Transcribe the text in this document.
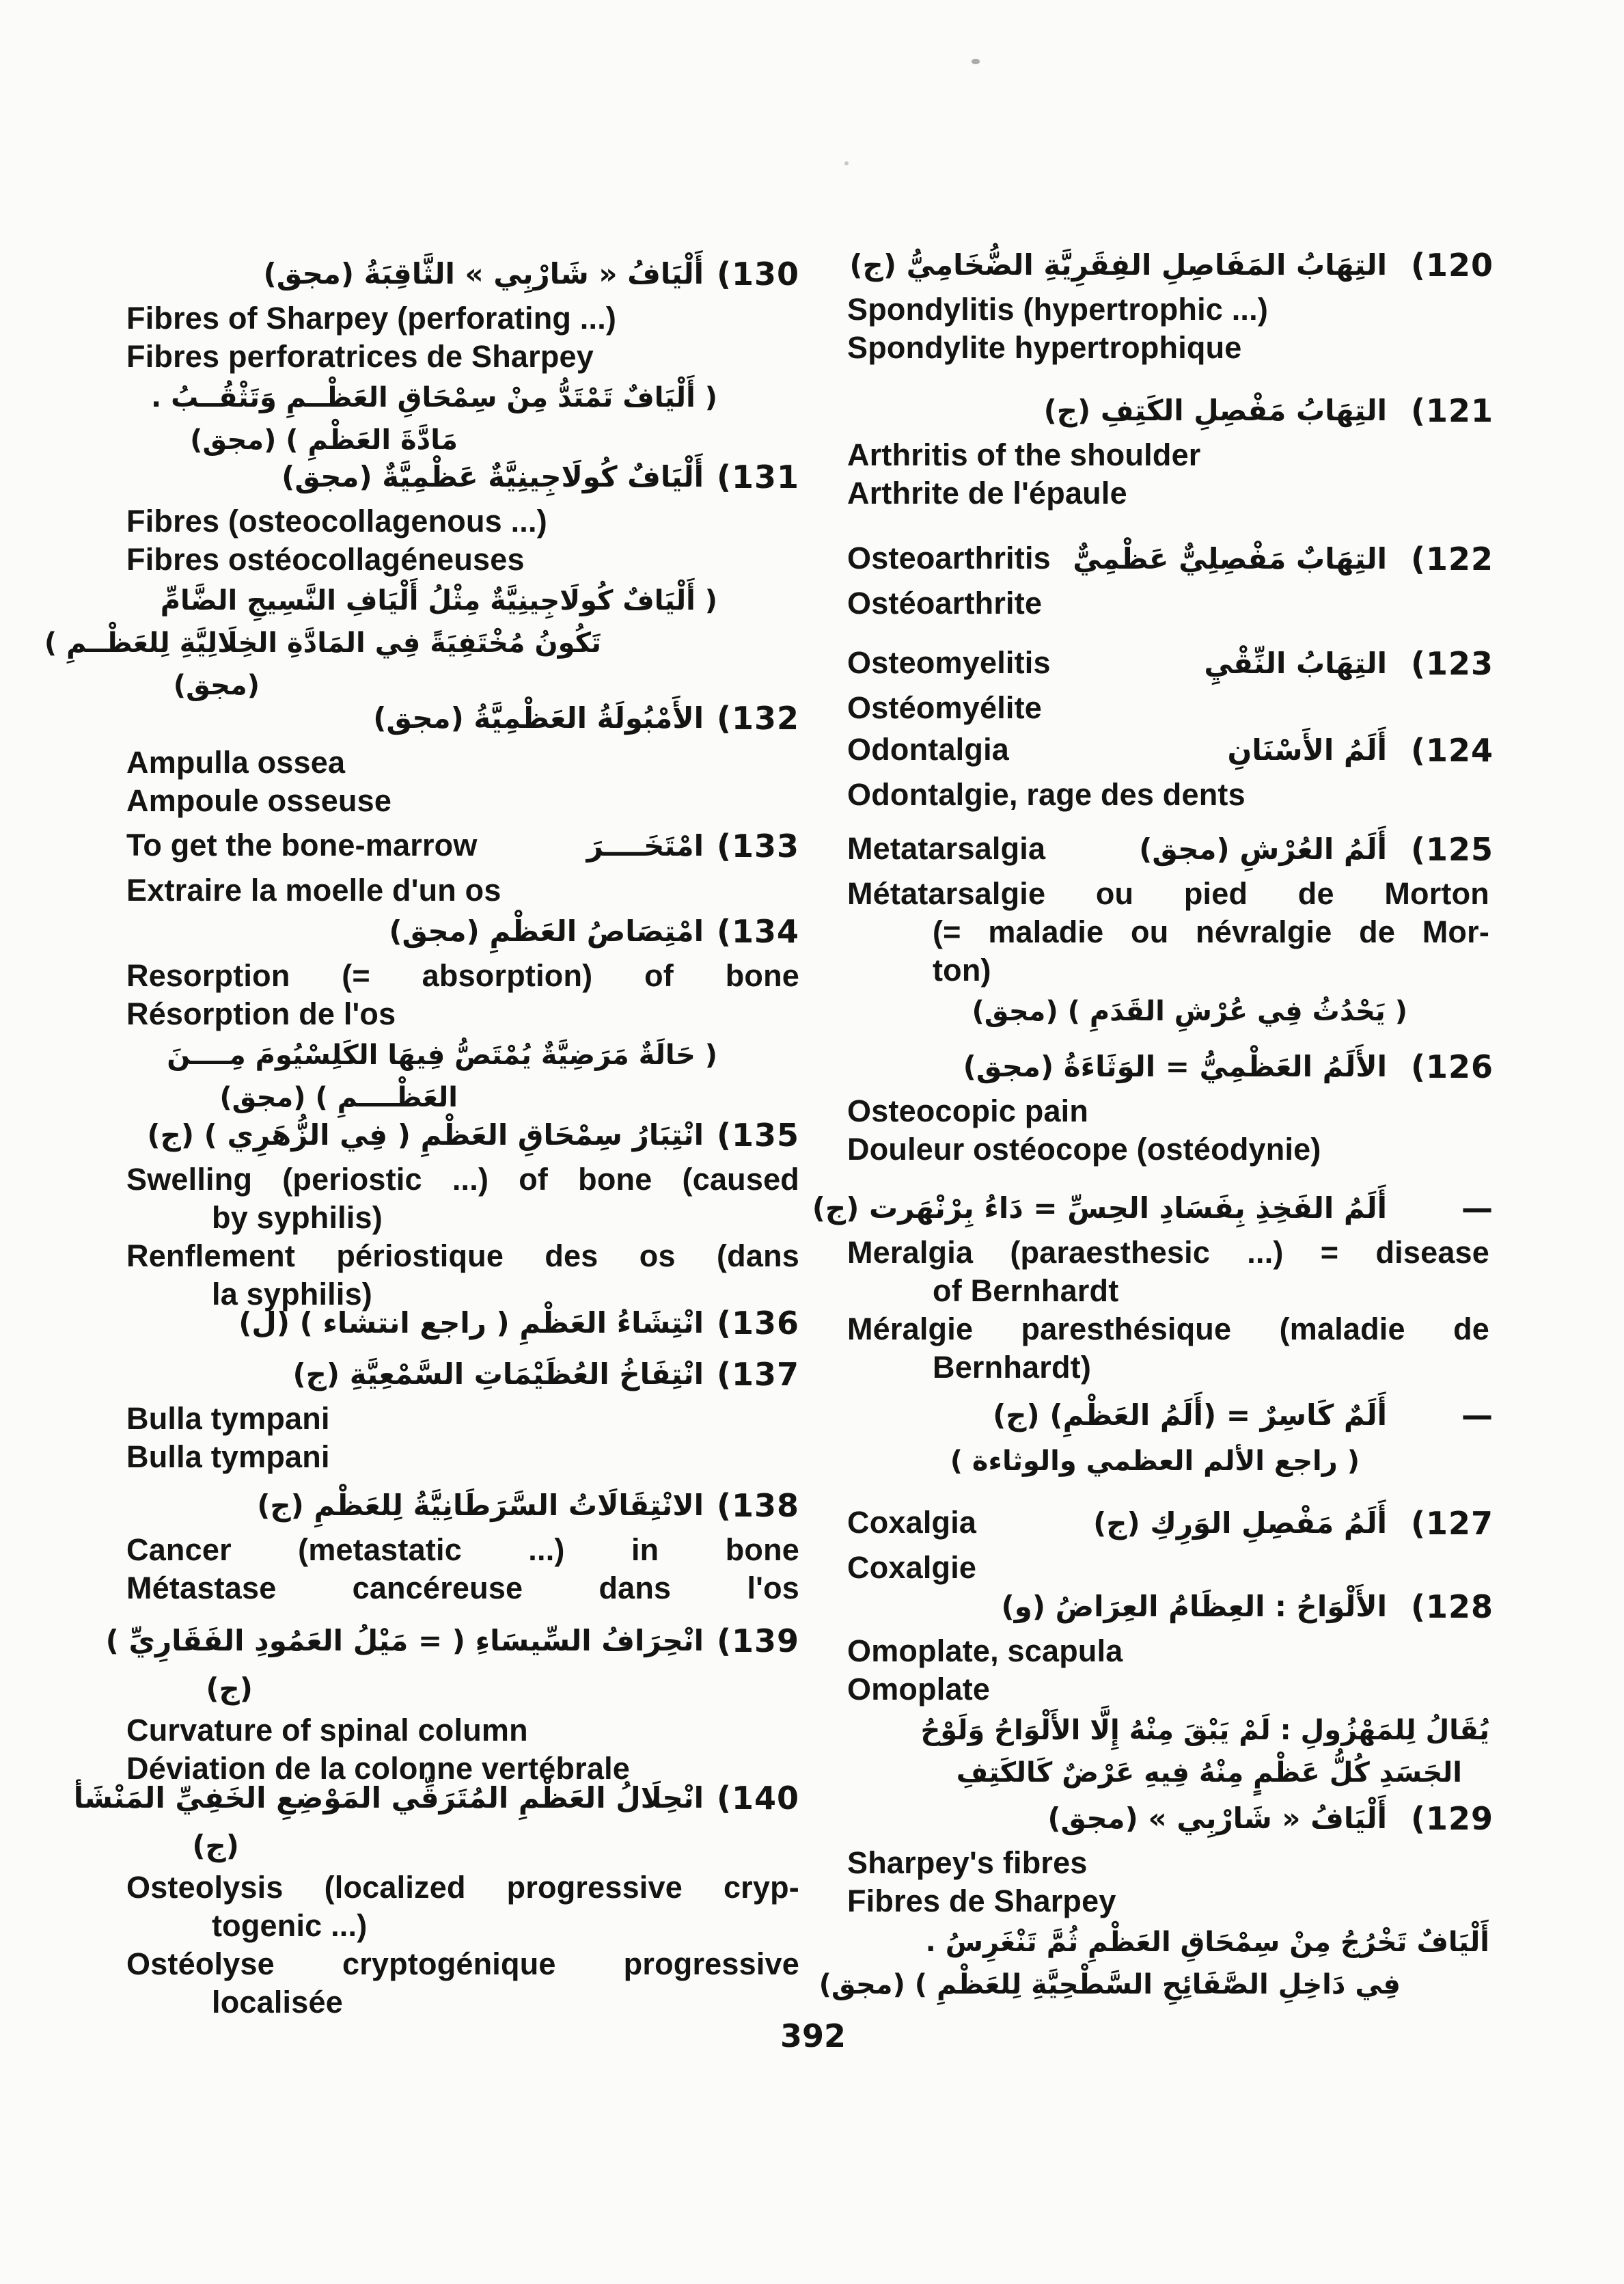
(120
التِهَابُ المَفَاصِلِ الفِقَرِيَّةِ الضُّخَامِيُّ (ج)
Spondylitis (hypertrophic ...)
Spondylite hypertrophique
(121
التِهَابُ مَفْصِلِ الكَتِفِ (ج)
Arthritis of the shoulder
Arthrite de l'épaule
(122
Osteoarthritis التِهَابٌ مَفْصِلِيٌّ عَظْمِيٌّ
Ostéoarthrite
(123
Osteomyelitis	التِهَابُ النِّقْيِ
Ostéomyélite
(124
Odontalgia	أَلَمُ الأَسْنَانِ
Odontalgie, rage des dents
(125
Metatarsalgia	أَلَمُ العُرْشِ (مجق)
Métatarsalgie ou pied de Morton
(= maladie ou névralgie de Mor-
ton)
( يَحْدُثُ فِي عُرْشِ القَدَمِ ) (مجق)
(126
الأَلَمُ العَظْمِيُّ = الوَثَاءَةُ (مجق)
Osteocopic pain
Douleur ostéocope (ostéodynie)
—
أَلَمُ الفَخِذِ بِفَسَادِ الحِسِّ = دَاءُ بِرْنْهَرت (ج)
Meralgia (paraesthesic ...) = disease
of Bernhardt
Méralgie paresthésique (maladie de
Bernhardt)
—
أَلَمٌ كَاسِرٌ = (أَلَمُ العَظْمِ) (ج)
( راجع الألم العظمي والوثاءة )
(127
Coxalgia	أَلَمُ مَفْصِلِ الوَرِكِ (ج)
Coxalgie
(128
الأَلْوَاحُ : العِظَامُ العِرَاضُ (و)
Omoplate, scapula
Omoplate
يُقَالُ لِلمَهْزُولِ : لَمْ يَبْقَ مِنْهُ إِلَّا الأَلْوَاحُ وَلَوْحُ
الجَسَدِ كُلُّ عَظْمٍ مِنْهُ فِيهِ عَرْضٌ كَالكَتِفِ
(129
أَلْيَافُ « شَارْبِي » (مجق)
Sharpey's fibres
Fibres de Sharpey
أَلْيَافٌ تَخْرُجُ مِنْ سِمْحَاقِ العَظْمِ ثُمَّ تَنْغَرِسُ .
فِي دَاخِلِ الصَّفَائِحِ السَّطْحِيَّةِ لِلعَظْمِ ) (مجق)
(130
أَلْيَافُ « شَارْبِي » الثَّاقِبَةُ (مجق)
Fibres of Sharpey (perforating ...)
Fibres perforatrices de Sharpey
( أَلْيَافٌ تَمْتَدُّ مِنْ سِمْحَاقِ العَظْــمِ وَتَثْقُــبُ .
مَادَّةَ العَظْمِ ) (مجق)
(131
أَلْيَافٌ كُولَاجِينِيَّةٌ عَظْمِيَّةٌ (مجق)
Fibres (osteocollagenous ...)
Fibres ostéocollagéneuses
( أَلْيَافٌ كُولَاجِينِيَّةٌ مِثْلُ أَلْيَافِ النَّسِيجِ الضَّامِّ
تَكُونُ مُخْتَفِيَةً فِي المَادَّةِ الخِلَالِيَّةِ لِلعَظْــمِ )
(مجق)
(132
الأَمْبُولَةُ العَظْمِيَّةُ (مجق)
Ampulla ossea
Ampoule osseuse
(133
To get the bone-marrow	امْتَخَــــرَ
Extraire la moelle d'un os
(134
امْتِصَاصُ العَظْمِ (مجق)
Resorption (= absorption) of bone
Résorption de l'os
( حَالَةٌ مَرَضِيَّةٌ يُمْتَصُّ فِيهَا الكَلِسْيُومَ مِــــنَ
العَظْــــمِ ) (مجق)
(135
انْتِبَارُ سِمْحَاقِ العَظْمِ ( فِي الزُّهَرِي ) (ج)
Swelling (periostic ...) of bone (caused
by syphilis)
Renflement périostique des os (dans
la syphilis)
(136
انْتِشَاءُ العَظْمِ ( راجع انتشاء ) (ل)
(137
انْتِفَاخُ العُظَيْمَاتِ السَّمْعِيَّةِ (ج)
Bulla tympani
Bulla tympani
(138
الانْتِقَالَاتُ السَّرَطَانِيَّةُ لِلعَظْمِ (ج)
Cancer (metastatic ...) in bone
Métastase cancéreuse dans l'os
(139
انْحِرَافُ السِّيسَاءِ ( = مَيْلُ العَمُودِ الفَقَارِيِّ )
(ج)
Curvature of spinal column
Déviation de la colonne vertébrale
(140
انْحِلَالُ العَظْمِ المُتَرَقِّي المَوْضِعِ الخَفِيِّ المَنْشَأ
(ج)
Osteolysis (localized progressive cryp-
togenic ...)
Ostéolyse cryptogénique progressive
localisée
392
